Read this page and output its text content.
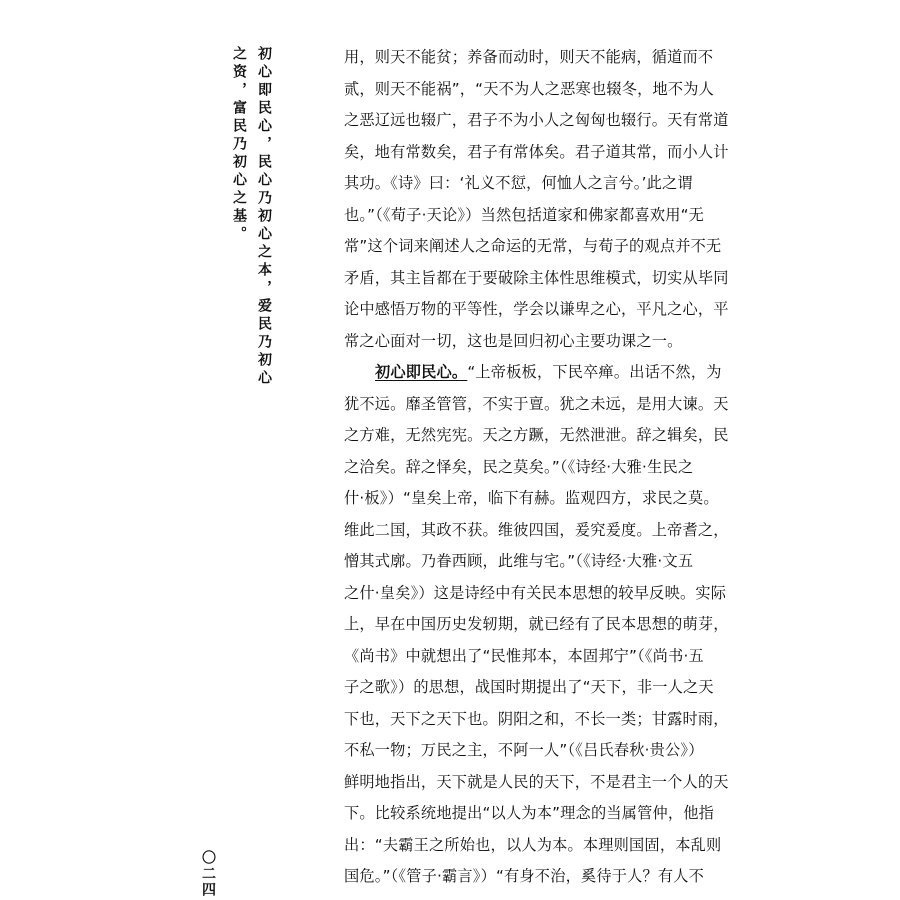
初心即民心，民心乃初心之本，爱民乃初心
之资，富民乃初心之基。
〇二四
用，则天不能贫；养备而动时，则天不能病，循道而不
贰，则天不能祸”，“天不为人之恶寒也辍冬，地不为人
之恶辽远也辍广，君子不为小人之匈匈也辍行。天有常道
矣，地有常数矣，君子有常体矣。君子道其常，而小人计
其功。《诗》曰：‘礼义不愆，何恤人之言兮。’此之谓
也。”（《荀子·天论》）当然包括道家和佛家都喜欢用“无
常”这个词来阐述人之命运的无常，与荀子的观点并不无
矛盾，其主旨都在于要破除主体性思维模式，切实从毕同
论中感悟万物的平等性，学会以谦卑之心，平凡之心，平
常之心面对一切，这也是回归初心主要功课之一。
初心即民心。“上帝板板，下民卒瘅。出话不然，为
犹不远。靡圣管管，不实于亶。犹之未远，是用大谏。天
之方难，无然宪宪。天之方蹶，无然泄泄。辞之辑矣，民
之洽矣。辞之怿矣，民之莫矣。”（《诗经·大雅·生民之
什·板》）“皇矣上帝，临下有赫。监观四方，求民之莫。
维此二国，其政不获。维彼四国，爰究爰度。上帝耆之，
憎其式廓。乃眷西顾，此维与宅。”（《诗经·大雅·文五
之什·皇矣》）这是诗经中有关民本思想的较早反映。实际
上，早在中国历史发轫期，就已经有了民本思想的萌芽，
《尚书》中就想出了“民惟邦本，本固邦宁”（《尚书·五
子之歌》）的思想，战国时期提出了“天下，非一人之天
下也，天下之天下也。阴阳之和，不长一类；甘露时雨，
不私一物；万民之主，不阿一人”（《吕氏春秋·贵公》）
鲜明地指出，天下就是人民的天下，不是君主一个人的天
下。比较系统地提出“以人为本”理念的当属管仲，他指
出：“夫霸王之所始也，以人为本。本理则国固，本乱则
国危。”（《管子·霸言》）“有身不治，奚待于人？有人不
